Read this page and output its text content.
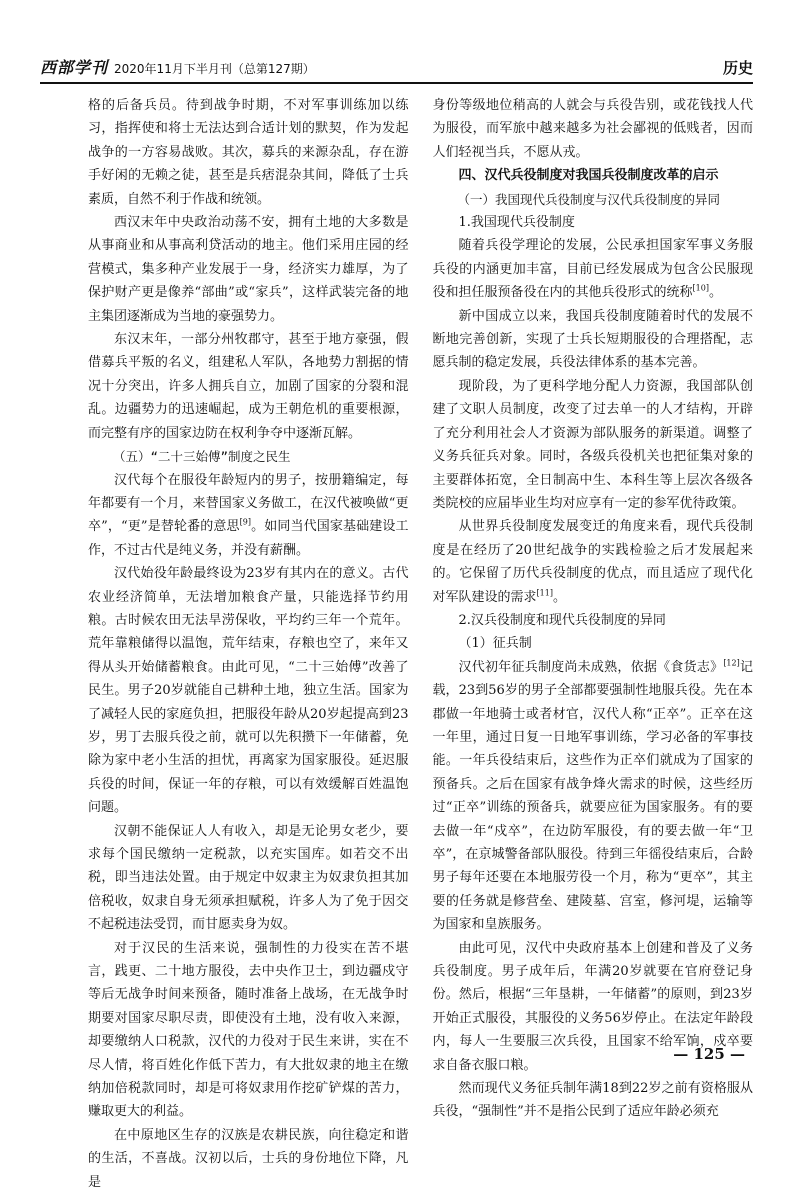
西部学刊 2020年11月下半月刊（总第127期）	历史

格的后备兵员。待到战争时期，不对军事训练加以练习，指挥使和将士无法达到合适计划的默契，作为发起战争的一方容易战败。其次，募兵的来源杂乱，存在游手好闲的无赖之徒，甚至是兵痞混杂其间，降低了士兵素质，自然不利于作战和统领。

西汉末年中央政治动荡不安，拥有土地的大多数是从事商业和从事高利贷活动的地主。他们采用庄园的经营模式，集多种产业发展于一身，经济实力雄厚，为了保护财产更是像养“部曲”或“家兵”，这样武装完备的地主集团逐渐成为当地的豪强势力。

东汉末年，一部分州牧郡守，甚至于地方豪强，假借募兵平叛的名义，组建私人军队，各地势力割据的情况十分突出，许多人拥兵自立，加剧了国家的分裂和混乱。边疆势力的迅速崛起，成为王朝危机的重要根源，而完整有序的国家边防在权利争夺中逐渐瓦解。

（五）“二十三始傅”制度之民生

汉代每个在服役年龄短内的男子，按册籍编定，每年都要有一个月，来替国家义务做工，在汉代被唤做“更卒”，“更”是替轮番的意思[9]。如同当代国家基础建设工作，不过古代是纯义务，并没有薪酬。

汉代始役年龄最终设为23岁有其内在的意义。古代农业经济简单，无法增加粮食产量，只能选择节约用粮。古时候农田无法旱涝保收，平均约三年一个荒年。荒年靠粮储得以温饱，荒年结束，存粮也空了，来年又得从头开始储蓄粮食。由此可见，“二十三始傅”改善了民生。男子20岁就能自己耕种土地，独立生活。国家为了减轻人民的家庭负担，把服役年龄从20岁起提高到23岁，男丁去服兵役之前，就可以先积攒下一年储蓄，免除为家中老小生活的担忧，再离家为国家服役。延迟服兵役的时间，保证一年的存粮，可以有效缓解百姓温饱问题。

汉朝不能保证人人有收入，却是无论男女老少，要求每个国民缴纳一定税款，以充实国库。如若交不出税，即当违法处置。由于规定中奴隶主为奴隶负担其加倍税收，奴隶自身无须承担赋税，许多人为了免于因交不起税违法受罚，而甘愿卖身为奴。

对于汉民的生活来说，强制性的力役实在苦不堪言，践更、二十地方服役，去中央作卫士，到边疆戍守等后无战争时间来预备，随时准备上战场，在无战争时期要对国家尽职尽责，即使没有土地，没有收入来源，却要缴纳人口税款，汉代的力役对于民生来讲，实在不尽人情，将百姓化作低下苦力，有大批奴隶的地主在缴纳加倍税款同时，却是可将奴隶用作挖矿铲煤的苦力，赚取更大的利益。

在中原地区生存的汉族是农耕民族，向往稳定和谐的生活，不喜战。汉初以后，士兵的身份地位下降，凡是

身份等级地位稍高的人就会与兵役告别，或花钱找人代为服役，而军旅中越来越多为社会鄙视的低贱者，因而人们轻视当兵，不愿从戎。

四、汉代兵役制度对我国兵役制度改革的启示

（一）我国现代兵役制度与汉代兵役制度的异同

1.我国现代兵役制度

随着兵役学理论的发展，公民承担国家军事义务服兵役的内涵更加丰富，目前已经发展成为包含公民服现役和担任服预备役在内的其他兵役形式的统称[10]。

新中国成立以来，我国兵役制度随着时代的发展不断地完善创新，实现了士兵长短期服役的合理搭配，志愿兵制的稳定发展，兵役法律体系的基本完善。

现阶段，为了更科学地分配人力资源，我国部队创建了文职人员制度，改变了过去单一的人才结构，开辟了充分利用社会人才资源为部队服务的新渠道。调整了义务兵征兵对象。同时，各级兵役机关也把征集对象的主要群体拓宽，全日制高中生、本科生等上层次各级各类院校的应届毕业生均对应享有一定的参军优待政策。

从世界兵役制度发展变迁的角度来看，现代兵役制度是在经历了20世纪战争的实践检验之后才发展起来的。它保留了历代兵役制度的优点，而且适应了现代化对军队建设的需求[11]。

2.汉兵役制度和现代兵役制度的异同

（1）征兵制

汉代初年征兵制度尚未成熟，依据《食货志》[12]记载，23到56岁的男子全部都要强制性地服兵役。先在本郡做一年地骑士或者材官，汉代人称“正卒”。正卒在这一年里，通过日复一日地军事训练，学习必备的军事技能。一年兵役结束后，这些作为正卒们就成为了国家的预备兵。之后在国家有战争烽火需求的时候，这些经历过“正卒”训练的预备兵，就要应征为国家服务。有的要去做一年“戍卒”，在边防军服役，有的要去做一年“卫卒”，在京城警备部队服役。待到三年徭役结束后，合龄男子每年还要在本地服劳役一个月，称为“更卒”，其主要的任务就是修营垒、建陵墓、宫室，修河堤，运输等为国家和皇族服务。

由此可见，汉代中央政府基本上创建和普及了义务兵役制度。男子成年后，年满20岁就要在官府登记身份。然后，根据“三年垦耕，一年储蓄”的原则，到23岁开始正式服役，其服役的义务56岁停止。在法定年龄段内，每人一生要服三次兵役，且国家不给军饷，戍卒要求自备衣服口粮。

然而现代义务征兵制年满18到22岁之前有资格服从兵役，“强制性”并不是指公民到了适应年龄必须充

— 125 —
